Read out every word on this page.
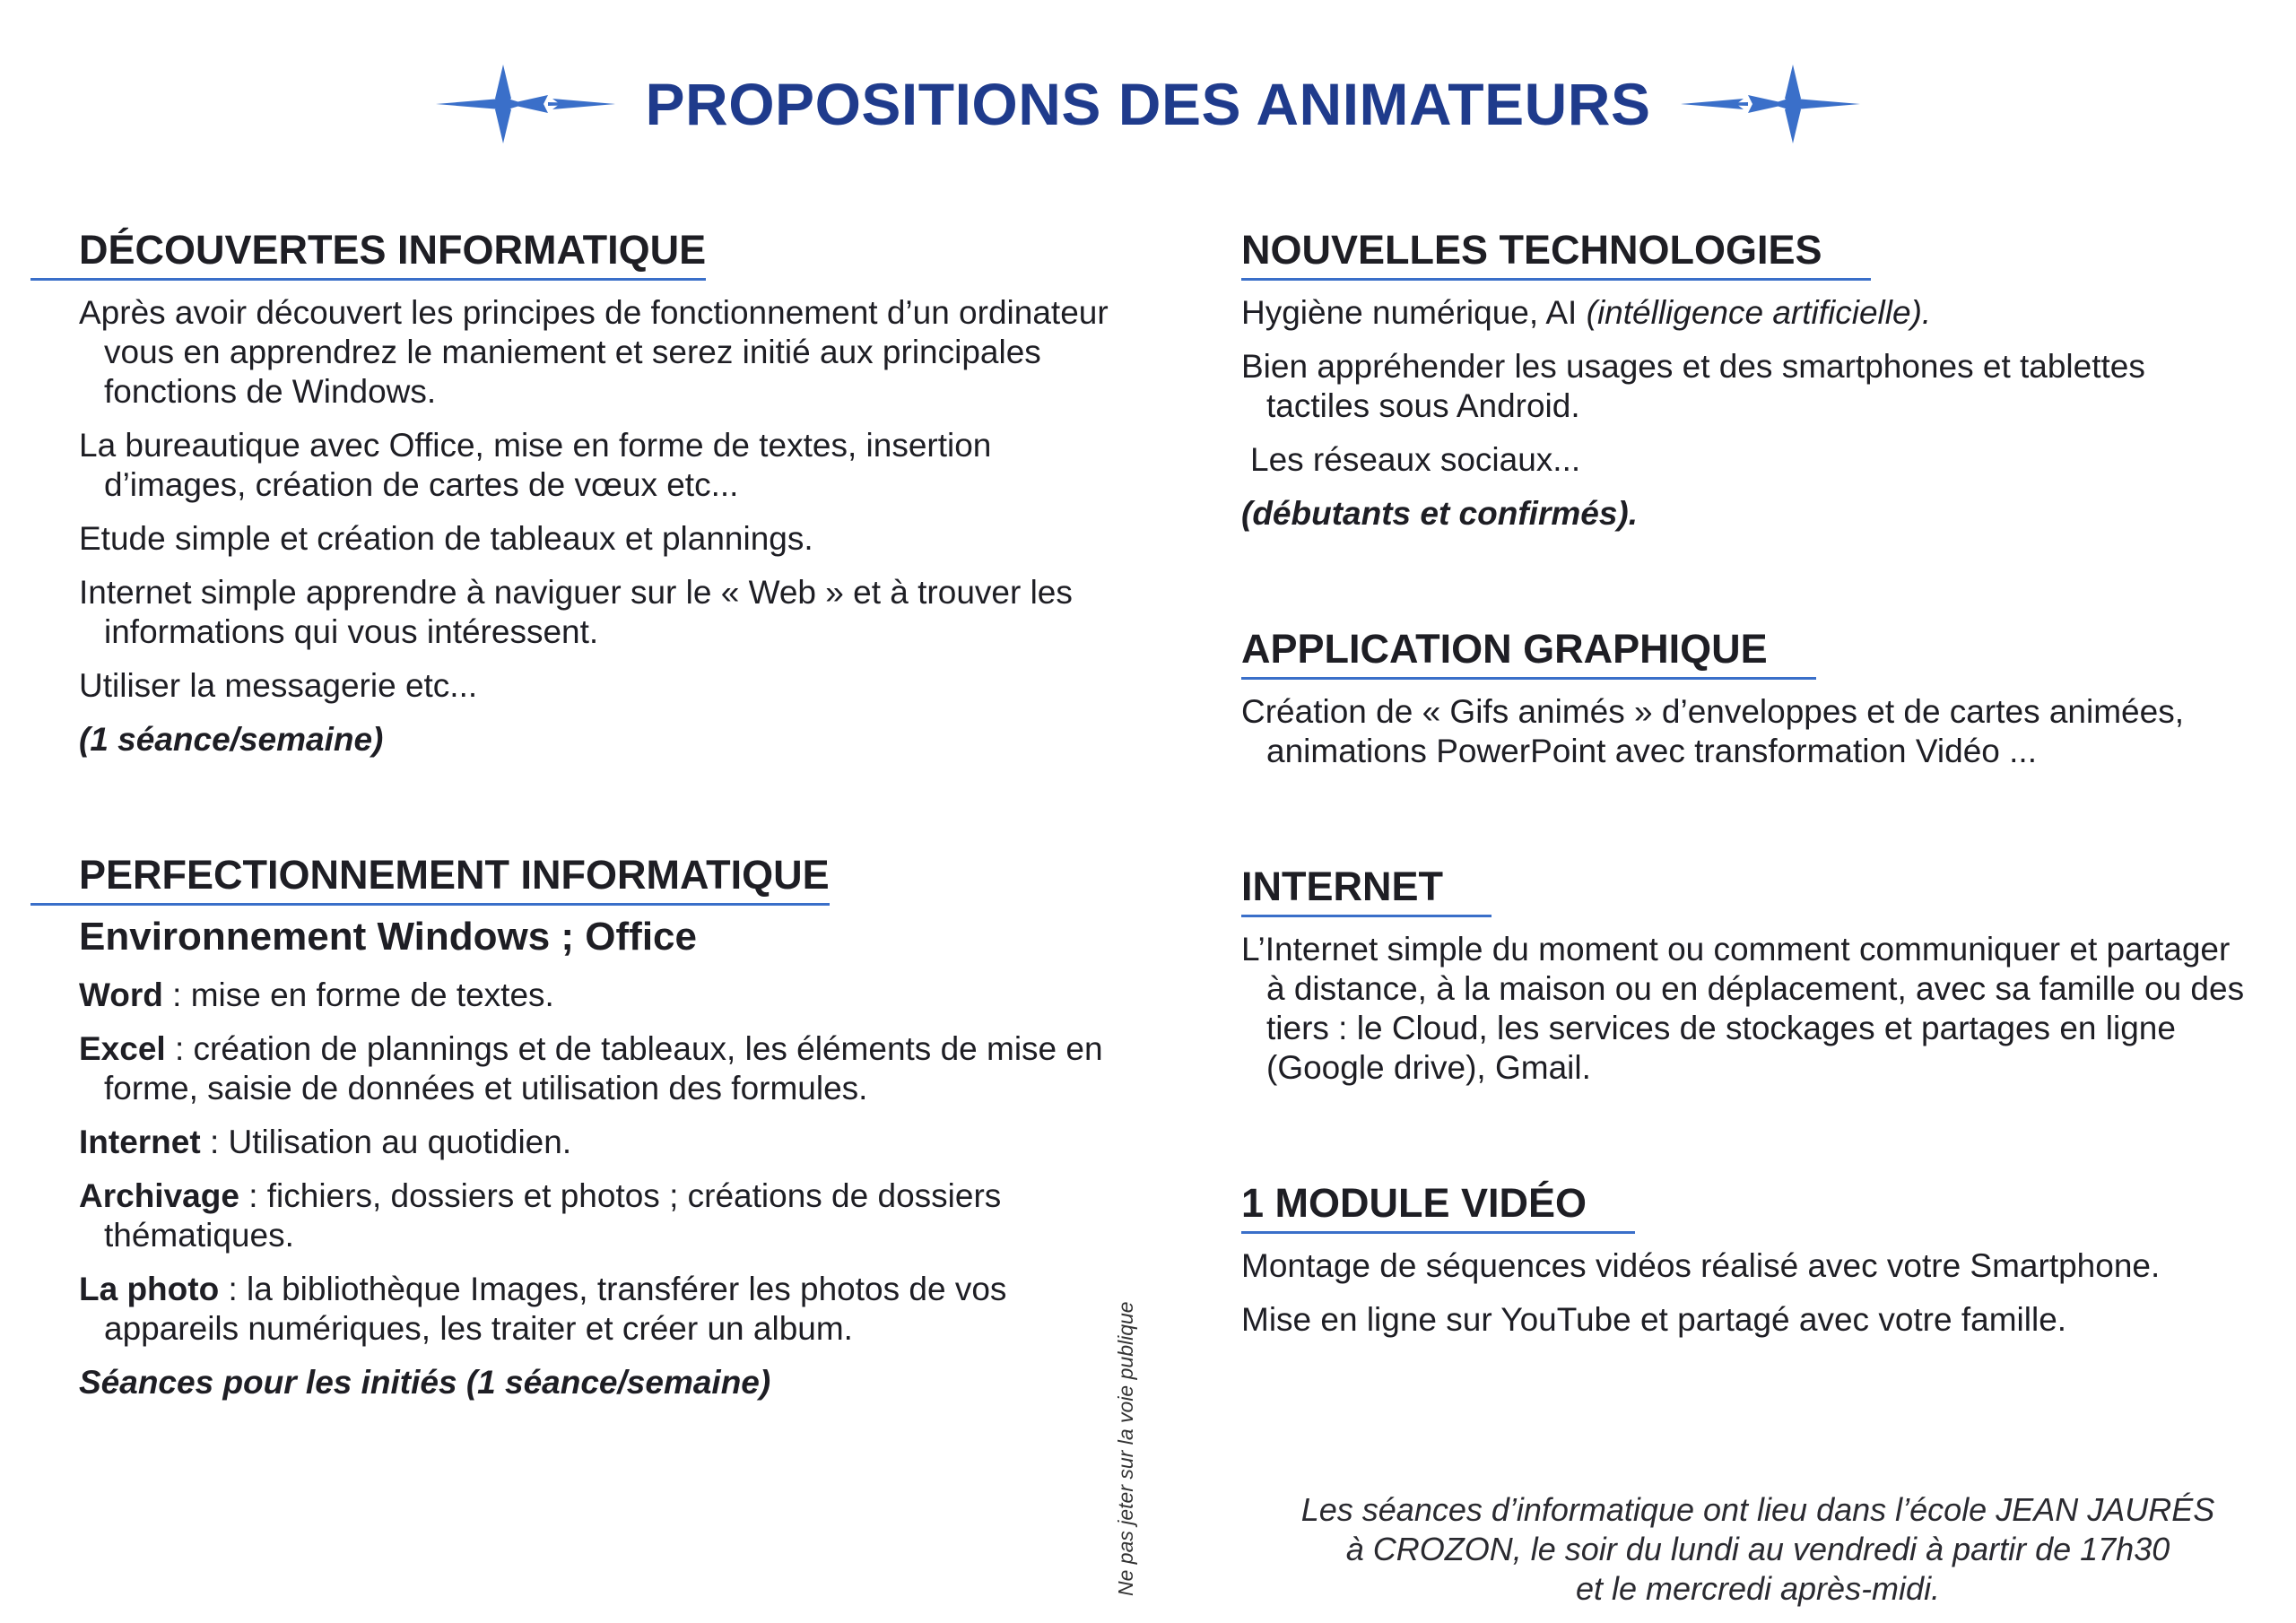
PROPOSITIONS DES ANIMATEURS
DÉCOUVERTES INFORMATIQUE
Après avoir découvert les principes de fonctionnement d’un ordinateur vous en apprendrez le maniement et serez initié aux principales fonctions de Windows.
La bureautique avec Office, mise en forme de textes, insertion d’images, création de cartes de vœux etc...
Etude simple et création de tableaux et plannings.
Internet simple apprendre à naviguer sur le « Web » et à trouver les informations qui vous intéressent.
Utiliser la messagerie etc...
(1 séance/semaine)
PERFECTIONNEMENT INFORMATIQUE
Environnement Windows ; Office
Word : mise en forme de textes.
Excel : création de plannings et de tableaux, les éléments de mise en forme, saisie de données et utilisation des formules.
Internet : Utilisation au quotidien.
Archivage : fichiers, dossiers et photos ; créations de dossiers thématiques.
La photo : la bibliothèque Images, transférer les photos de vos appareils numériques, les traiter et créer un album.
Séances pour les initiés (1 séance/semaine)
NOUVELLES TECHNOLOGIES
Hygiène numérique, AI (intélligence artificielle).
Bien appréhender les usages et des smartphones et tablettes tactiles sous Android.
Les réseaux sociaux...
(débutants et confirmés).
APPLICATION GRAPHIQUE
Création de « Gifs animés » d’enveloppes et de cartes animées, animations PowerPoint avec transformation Vidéo ...
INTERNET
L’Internet simple du moment ou comment communiquer et partager à distance, à la maison ou en déplacement, avec sa famille ou des tiers : le Cloud, les services de stockages et partages en ligne (Google drive), Gmail.
1 MODULE VIDÉO
Montage de séquences vidéos réalisé avec votre Smartphone.
Mise en ligne sur YouTube et partagé avec votre famille.
Ne pas jeter sur la voie publique	Les séances d’informatique ont lieu dans l’école JEAN JAURÉS
à CROZON, le soir du lundi au vendredi à partir de 17h30
et le mercredi après-midi.
